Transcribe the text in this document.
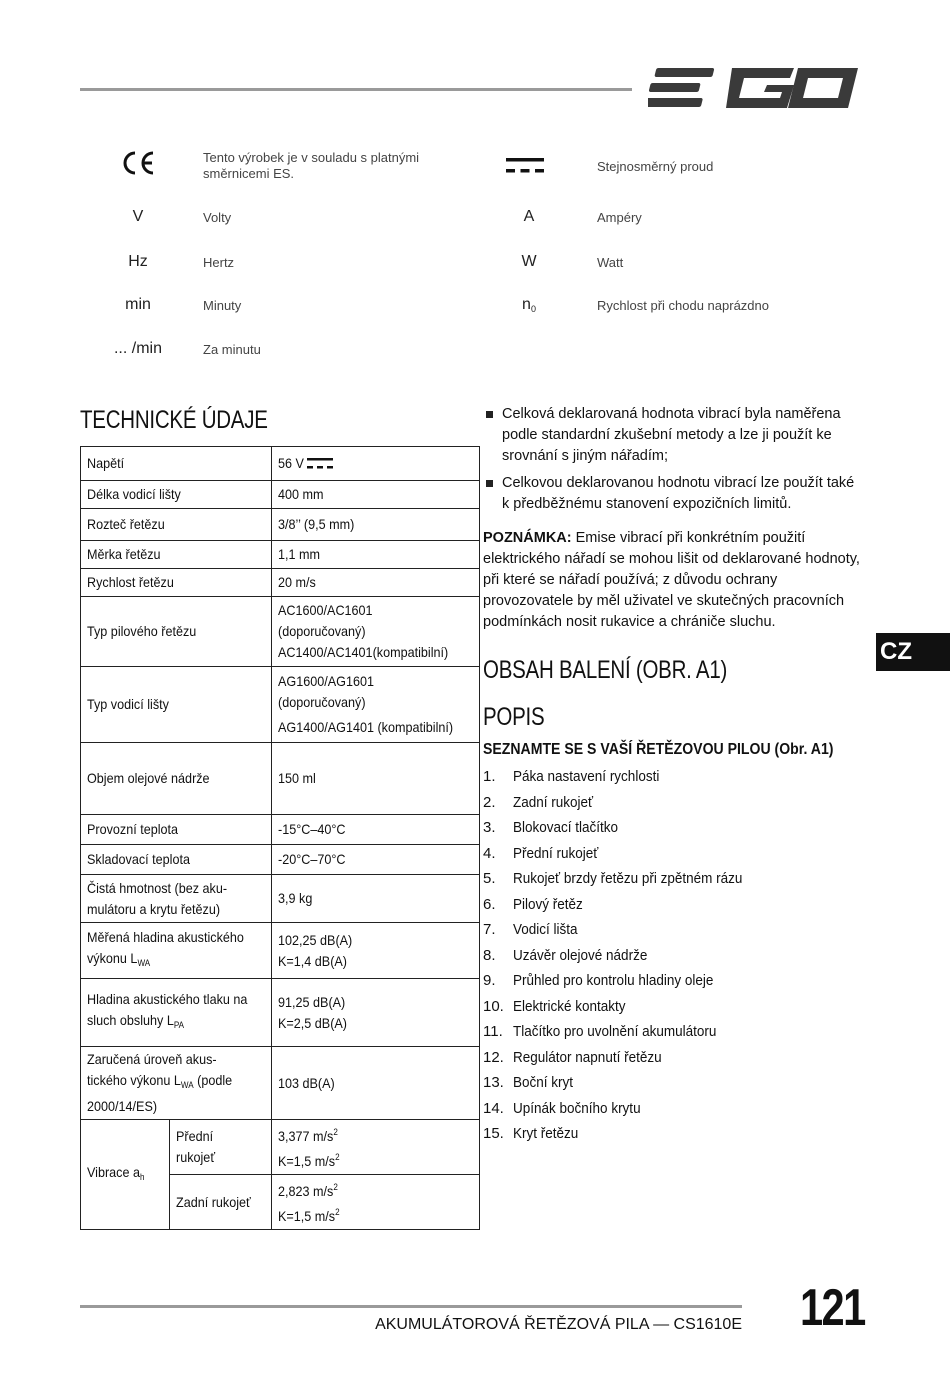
Tento výrobek je v souladu s platnými směrnicemi ES.
V	Volty
Hz	Hertz
min	Minuty
... /min	Za minutu
Stejnosměrný proud
A	Ampéry
W	Watt
$n_0$	Rychlost při chodu naprázdno
TECHNICKÉ ÚDAJE
Napětí		56 V
Délka vodicí lišty		400 mm
Rozteč řetězu		3/8’’ (9,5 mm)
Měrka řetězu		1,1 mm
Rychlost řetězu		20 m/s
Typ pilového řetězu		AC1600/AC1601
(doporučovaný)
AC1400/AC1401(kompatibilní)
Typ vodicí lišty		AG1600/AG1601
(doporučovaný)
AG1400/AG1401 (kompatibilní)
Objem olejové nádrže		150 ml
Provozní teplota		-15°C–40°C
Skladovací teplota		-20°C–70°C
Čistá hmotnost (bez aku-
mulátoru a krytu řetězu)		3,9 kg
Měřená hladina akustického
výkonu $L_{WA}$		102,25 dB(A)
K=1,4 dB(A)
Hladina akustického tlaku na
sluch obsluhy $L_{PA}$		91,25 dB(A)
K=2,5 dB(A)
Zaručená úroveň akus-
tického výkonu $L_{WA}$ (podle
2000/14/ES)		103 dB(A)
Vibrace $a_h$	Přední
rukojeť	3,377 $m/s^2$
K=1,5 $m/s^2$
	Zadní rukojeť	2,823 $m/s^2$
K=1,5 $m/s^2$
Celková deklarovaná hodnota vibrací byla naměřena podle standardní zkušební metody a lze ji použít ke srovnání s jiným nářadím;
Celkovou deklarovanou hodnotu vibrací lze použít také k předběžnému stanovení expozičních limitů.
POZNÁMKA: Emise vibrací při konkrétním použití elektrického nářadí se mohou lišit od deklarované hodnoty, při které se nářadí používá; z důvodu ochrany provozovatele by měl uživatel ve skutečných pracovních podmínkách nosit rukavice a chrániče sluchu.
OBSAH BALENÍ (OBR. A1)
POPIS
SEZNAMTE SE S VAŠÍ ŘETĚZOVOU PILOU (Obr. A1)
1.	Páka nastavení rychlosti
2.	Zadní rukojeť
3.	Blokovací tlačítko
4.	Přední rukojeť
5.	Rukojeť brzdy řetězu při zpětném rázu
6.	Pilový řetěz
7.	Vodicí lišta
8.	Uzávěr olejové nádrže
9.	Průhled pro kontrolu hladiny oleje
10. Elektrické kontakty
11. Tlačítko pro uvolnění akumulátoru
12. Regulátor napnutí řetězu
13. Boční kryt
14. Upínák bočního krytu
15. Kryt řetězu
CZ
AKUMULÁTOROVÁ ŘETĚZOVÁ PILA — CS1610E 121
